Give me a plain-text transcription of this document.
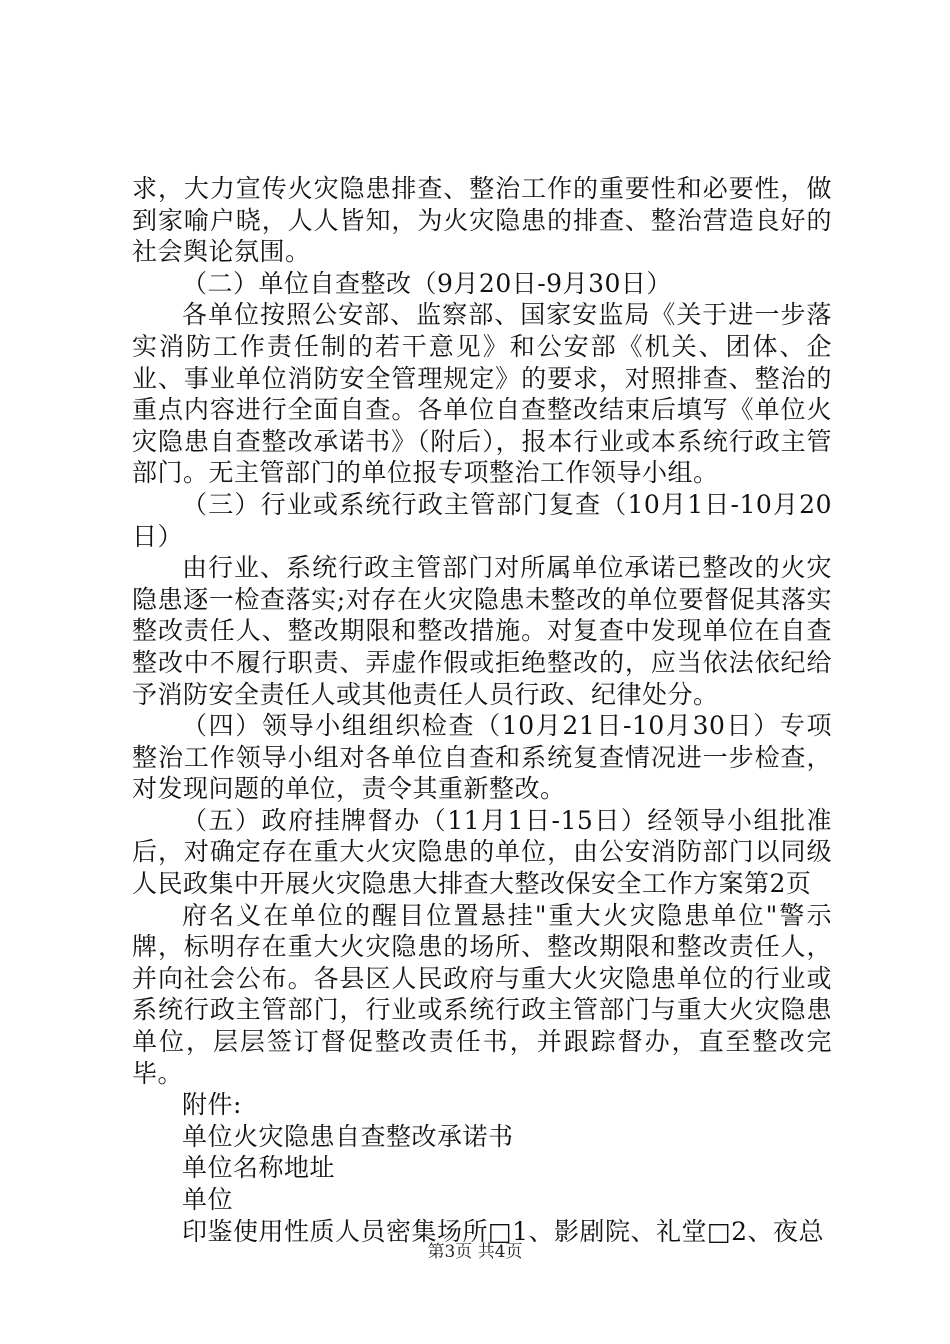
求，大力宣传火灾隐患排查、整治工作的重要性和必要性，做到家喻户晓，人人皆知，为火灾隐患的排查、整治营造良好的社会舆论氛围。

（二）单位自查整改（9月20日-9月30日）

各单位按照公安部、监察部、国家安监局《关于进一步落实消防工作责任制的若干意见》和公安部《机关、团体、企业、事业单位消防安全管理规定》的要求，对照排查、整治的重点内容进行全面自查。各单位自查整改结束后填写《单位火灾隐患自查整改承诺书》（附后），报本行业或本系统行政主管部门。无主管部门的单位报专项整治工作领导小组。

（三）行业或系统行政主管部门复查（10月1日-10月20日）

由行业、系统行政主管部门对所属单位承诺已整改的火灾隐患逐一检查落实;对存在火灾隐患未整改的单位要督促其落实整改责任人、整改期限和整改措施。对复查中发现单位在自查整改中不履行职责、弄虚作假或拒绝整改的，应当依法依纪给予消防安全责任人或其他责任人员行政、纪律处分。

（四）领导小组组织检查（10月21日-10月30日）专项整治工作领导小组对各单位自查和系统复查情况进一步检查，对发现问题的单位，责令其重新整改。

（五）政府挂牌督办（11月1日-15日）经领导小组批准后，对确定存在重大火灾隐患的单位，由公安消防部门以同级人民政集中开展火灾隐患大排查大整改保安全工作方案第2页

府名义在单位的醒目位置悬挂"重大火灾隐患单位"警示牌，标明存在重大火灾隐患的场所、整改期限和整改责任人，并向社会公布。各县区人民政府与重大火灾隐患单位的行业或系统行政主管部门，行业或系统行政主管部门与重大火灾隐患单位，层层签订督促整改责任书，并跟踪督办，直至整改完毕。

附件:

单位火灾隐患自查整改承诺书

单位名称地址

单位

印鉴使用性质人员密集场所□1、影剧院、礼堂□2、夜总

第3页 共4页
